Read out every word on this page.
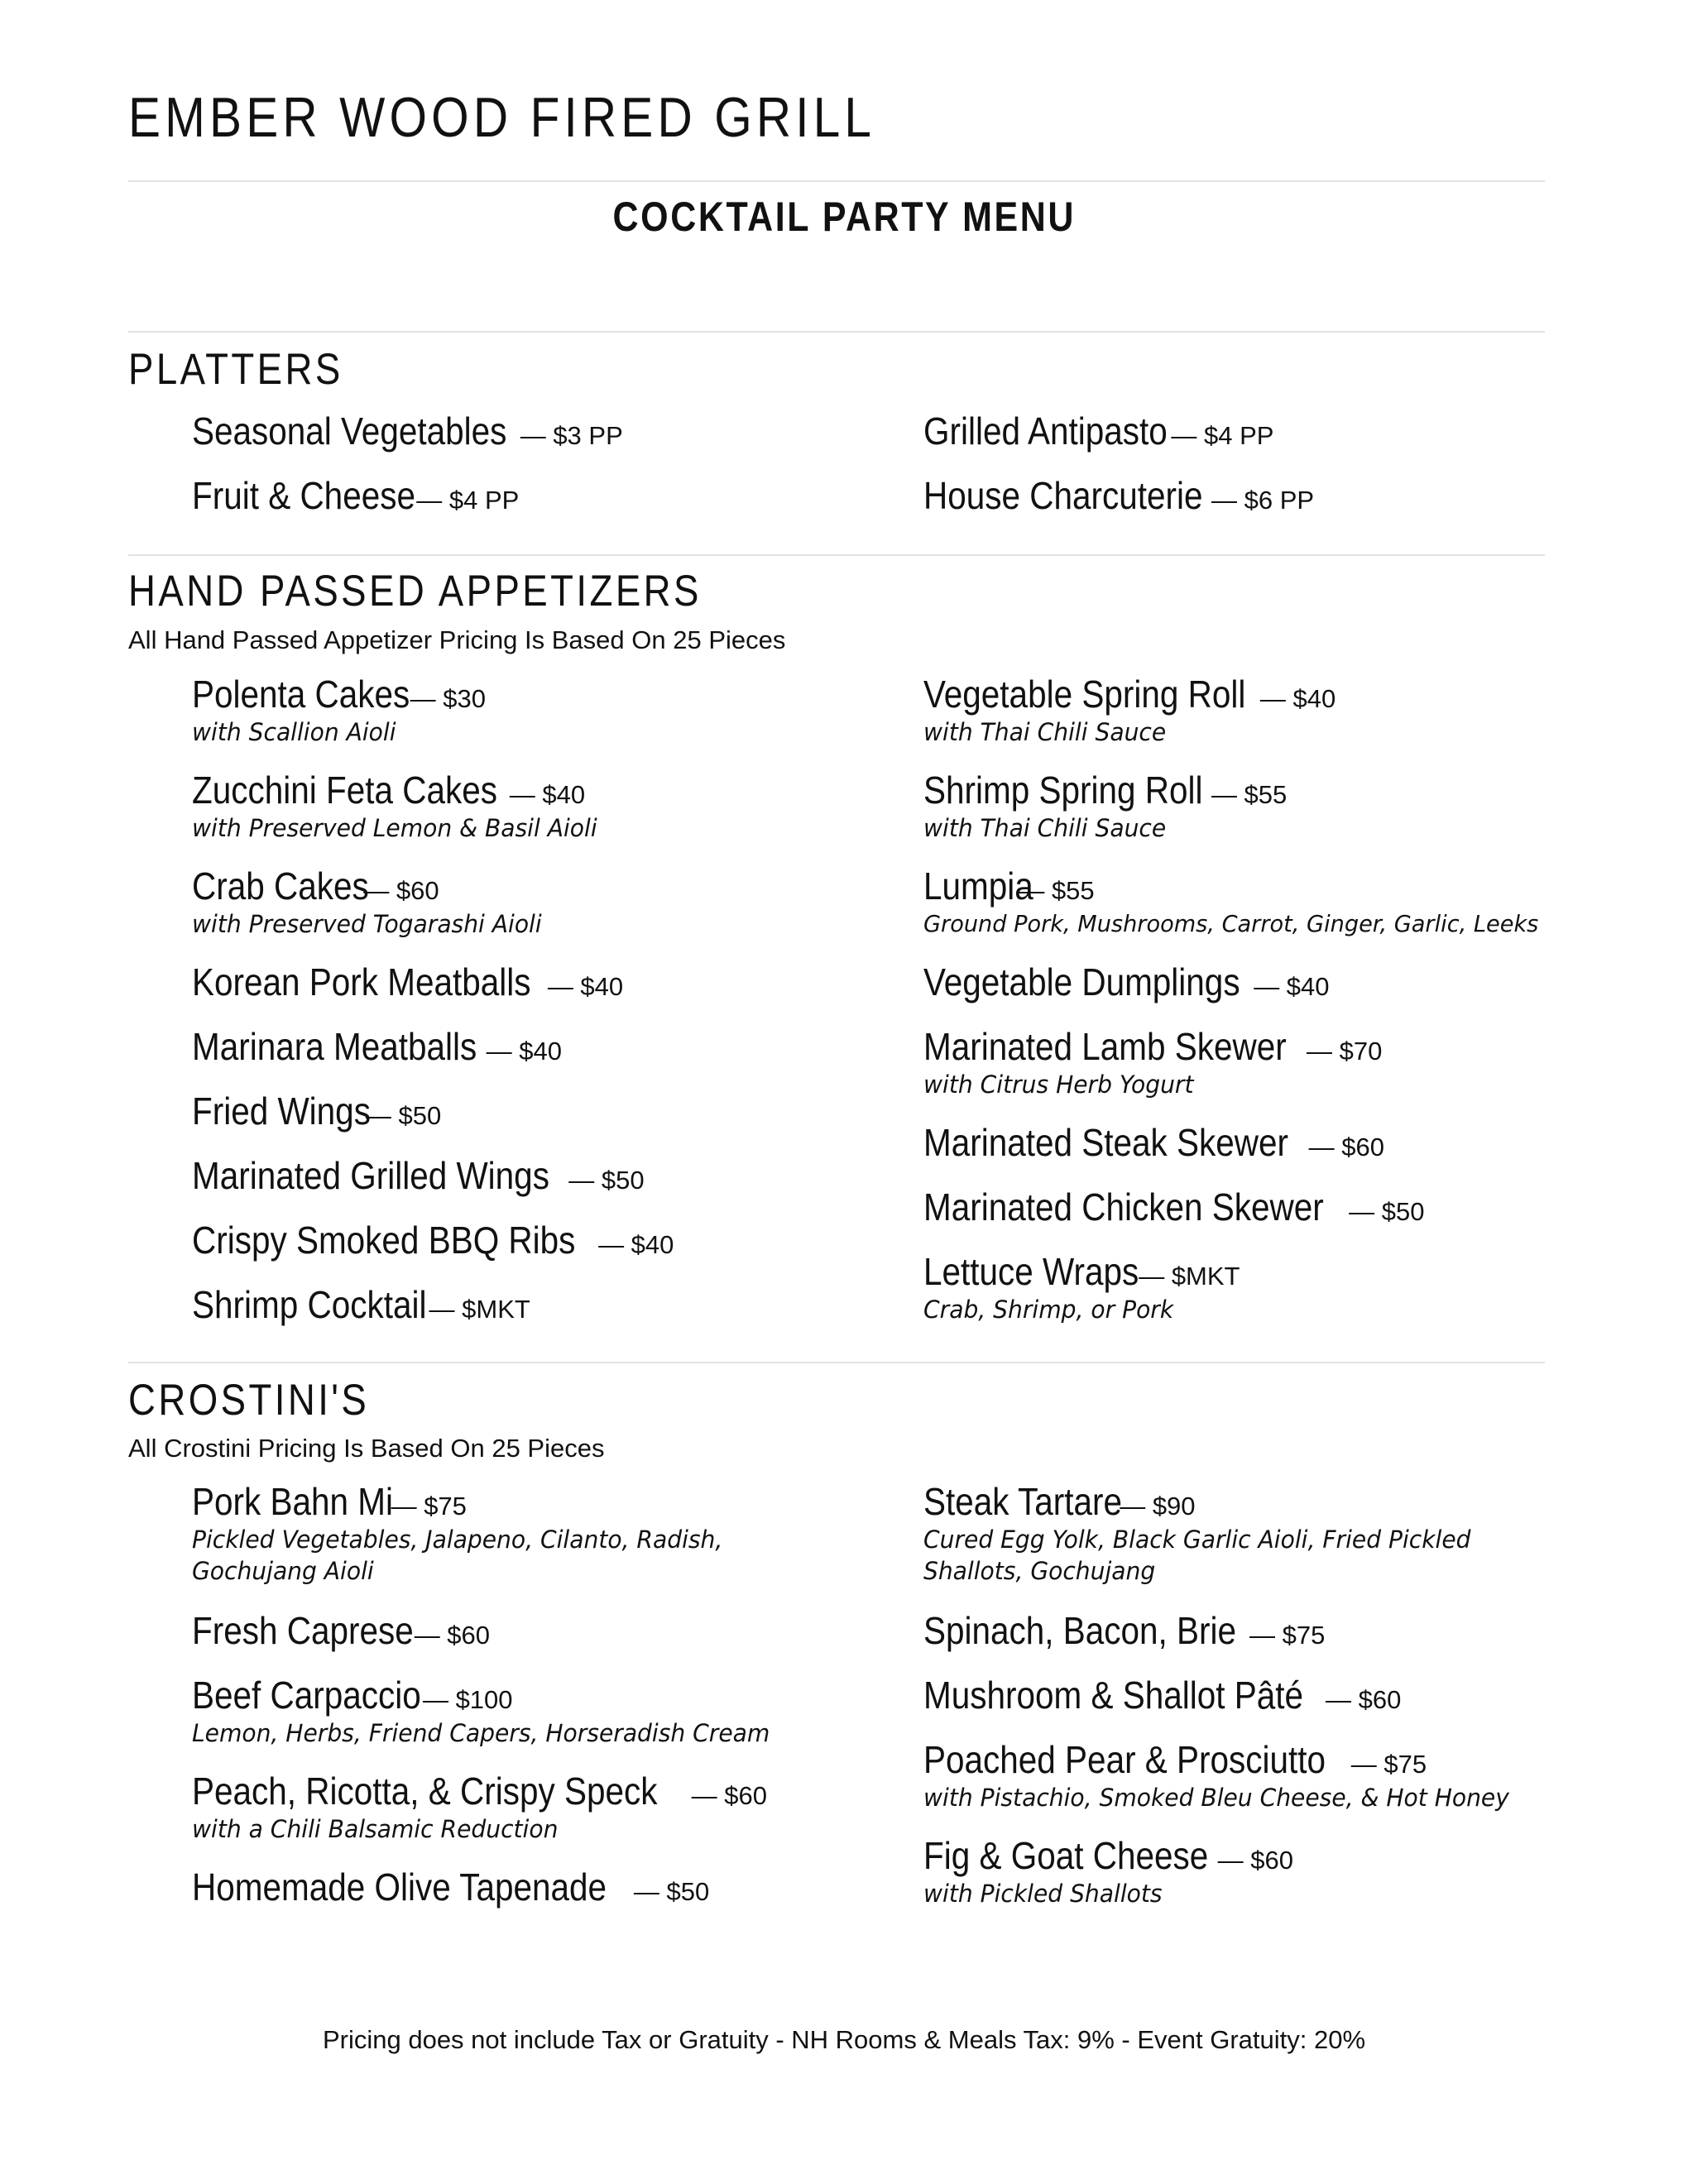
EMBER WOOD FIRED GRILL
COCKTAIL PARTY MENU
PLATTERS
Seasonal Vegetables — $3 PP
Fruit & Cheese — $4 PP
Grilled Antipasto — $4 PP
House Charcuterie — $6 PP
HAND PASSED APPETIZERS

All Hand Passed Appetizer Pricing Is Based On 25 Pieces

Polenta Cakes — $30
with Scallion Aioli
Zucchini Feta Cakes — $40
with Preserved Lemon & Basil Aioli
Crab Cakes — $60
with Preserved Togarashi Aioli
Korean Pork Meatballs — $40
Marinara Meatballs — $40
Fried Wings — $50
Marinated Grilled Wings — $50
Crispy Smoked BBQ Ribs — $40
Shrimp Cocktail — $MKT
Vegetable Spring Roll — $40
with Thai Chili Sauce
Shrimp Spring Roll — $55
with Thai Chili Sauce
Lumpia — $55
Ground Pork, Mushrooms, Carrot, Ginger, Garlic, Leeks
Vegetable Dumplings — $40
Marinated Lamb Skewer — $70
with Citrus Herb Yogurt
Marinated Steak Skewer — $60
Marinated Chicken Skewer — $50
Lettuce Wraps — $MKT
Crab, Shrimp, or Pork
CROSTINI'S

All Crostini Pricing Is Based On 25 Pieces

Pork Bahn Mi — $75
Pickled Vegetables, Jalapeno, Cilanto, Radish, Gochujang Aioli
Fresh Caprese — $60
Beef Carpaccio — $100
Lemon, Herbs, Friend Capers, Horseradish Cream
Peach, Ricotta, & Crispy Speck — $60
with a Chili Balsamic Reduction
Homemade Olive Tapenade — $50
Steak Tartare — $90
Cured Egg Yolk, Black Garlic Aioli, Fried Pickled Shallots, Gochujang
Spinach, Bacon, Brie — $75
Mushroom & Shallot Pâté — $60
Poached Pear & Prosciutto — $75
with Pistachio, Smoked Bleu Cheese, & Hot Honey
Fig & Goat Cheese — $60
with Pickled Shallots
Pricing does not include Tax or Gratuity - NH Rooms & Meals Tax: 9% - Event Gratuity: 20%
